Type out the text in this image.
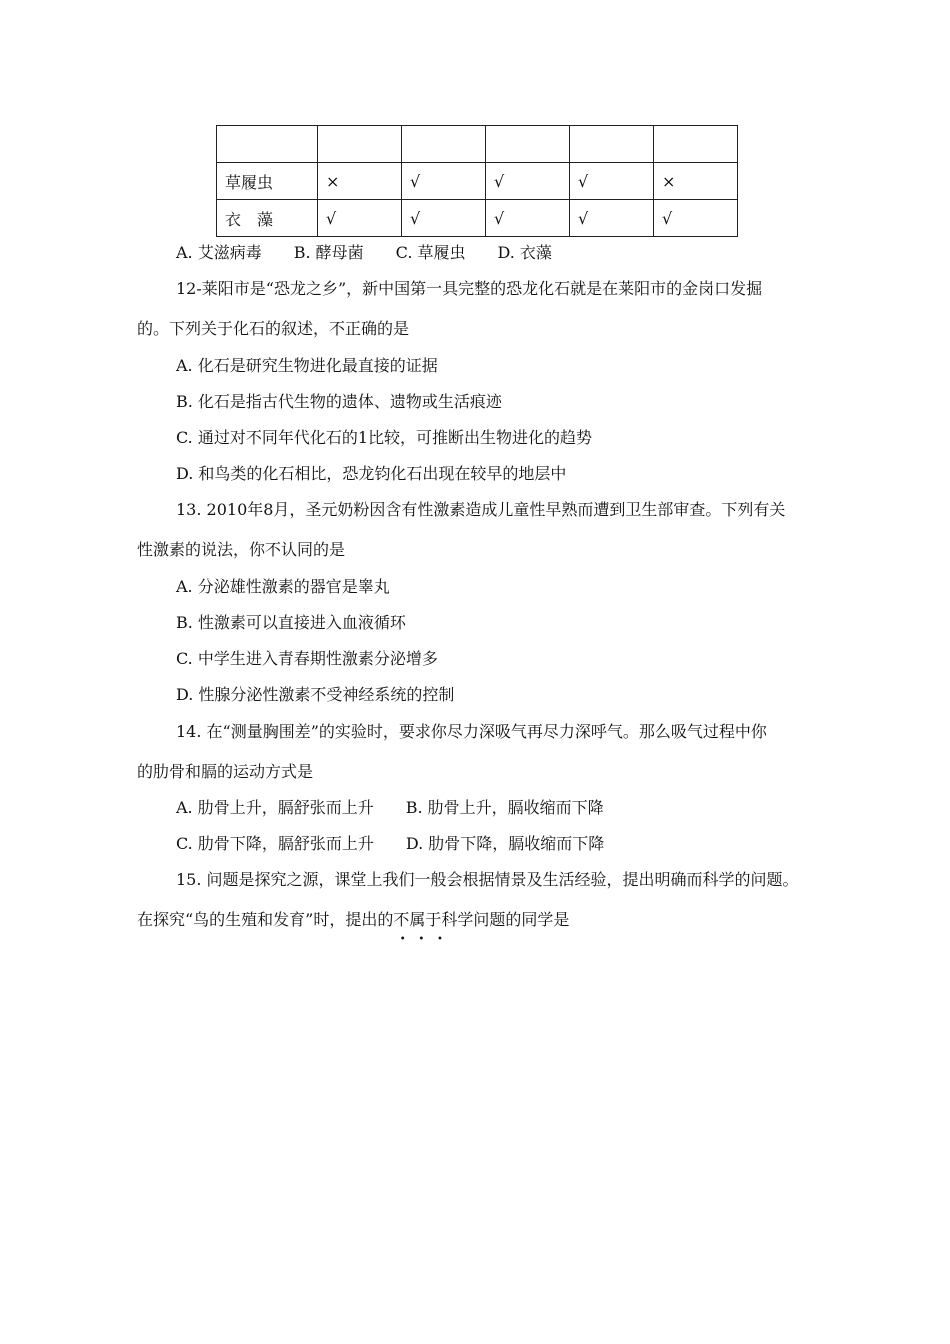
草履虫	×	√	√	√	×
衣　藻	√	√	√	√	√
A. 艾滋病毒　　B. 酵母菌　　C. 草履虫　　D. 衣藻
12-莱阳市是“恐龙之乡”，新中国第一具完整的恐龙化石就是在莱阳市的金岗口发掘
的。下列关于化石的叙述，不正确的是
A. 化石是研究生物进化最直接的证据
B. 化石是指古代生物的遗体、遗物或生活痕迹
C. 通过对不同年代化石的1比较，可推断出生物进化的趋势
D. 和鸟类的化石相比，恐龙钧化石出现在较早的地层中
13. 2010年8月，圣元奶粉因含有性激素造成儿童性早熟而遭到卫生部审查。下列有关
性激素的说法，你不认同的是
A. 分泌雄性激素的器官是睾丸
B. 性激素可以直接进入血液循环
C. 中学生进入青春期性激素分泌增多
D. 性腺分泌性激素不受神经系统的控制
14. 在“测量胸围差”的实验时，要求你尽力深吸气再尽力深呼气。那么吸气过程中你
的肋骨和膈的运动方式是
A. 肋骨上升，膈舒张而上升　　B. 肋骨上升，膈收缩而下降
C. 肋骨下降，膈舒张而上升　　D. 肋骨下降，膈收缩而下降
15. 问题是探究之源，课堂上我们一般会根据情景及生活经验，提出明确而科学的问题。
在探究“鸟的生殖和发育”时，提出的不属于
•    •    •
科学问题的同学是
